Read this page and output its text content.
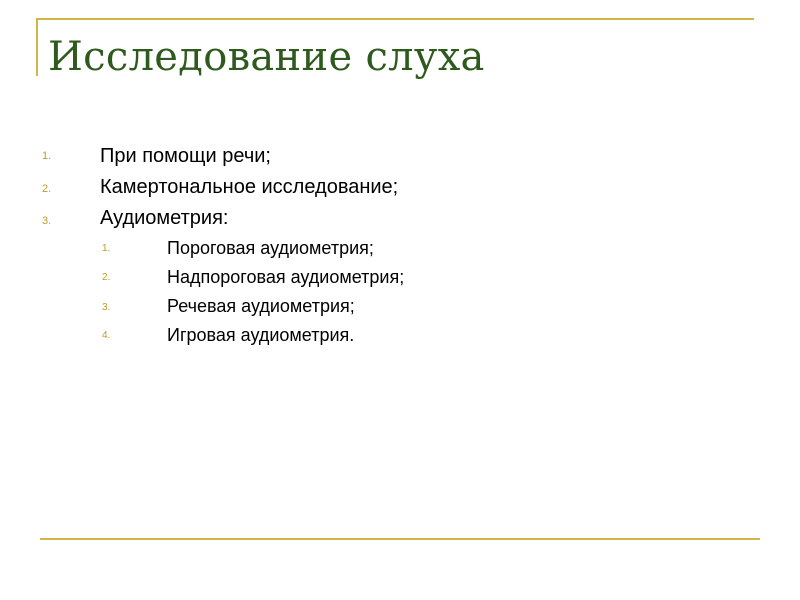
Исследование слуха
1. При помощи речи;
2. Камертональное исследование;
3. Аудиометрия:
1.	Пороговая аудиометрия;
2.	Надпороговая аудиометрия;
3.	Речевая аудиометрия;
4.	Игровая аудиометрия.
